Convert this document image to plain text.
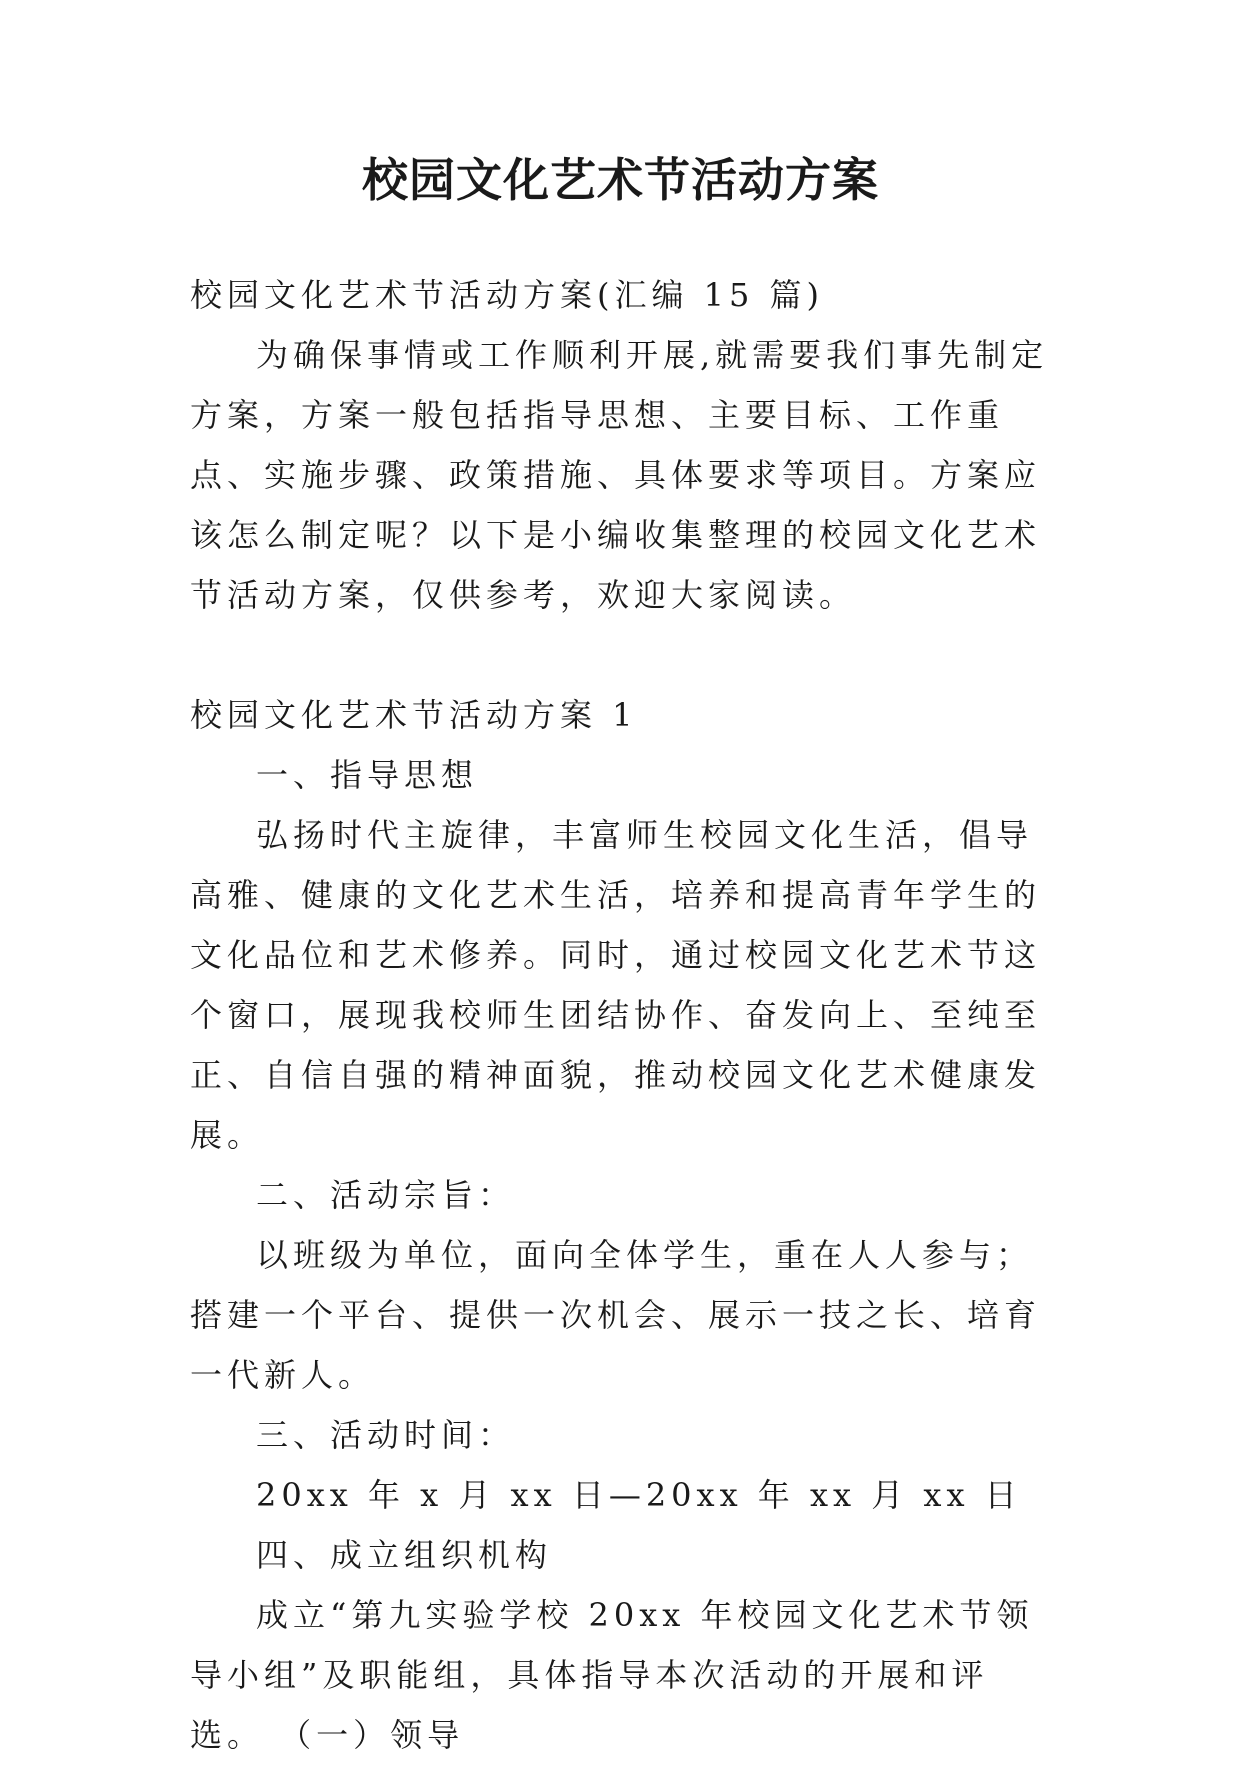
校园文化艺术节活动方案

校园文化艺术节活动方案(汇编 15 篇)

为确保事情或工作顺利开展,就需要我们事先制定方案，方案一般包括指导思想、主要目标、工作重点、实施步骤、政策措施、具体要求等项目。方案应该怎么制定呢？以下是小编收集整理的校园文化艺术节活动方案，仅供参考，欢迎大家阅读。

校园文化艺术节活动方案 1

一、指导思想

弘扬时代主旋律，丰富师生校园文化生活，倡导高雅、健康的文化艺术生活，培养和提高青年学生的文化品位和艺术修养。同时，通过校园文化艺术节这个窗口，展现我校师生团结协作、奋发向上、至纯至正、自信自强的精神面貌，推动校园文化艺术健康发展。

二、活动宗旨：

以班级为单位，面向全体学生，重在人人参与；搭建一个平台、提供一次机会、展示一技之长、培育一代新人。

三、活动时间：

20xx 年 x 月 xx 日—20xx 年 xx 月 xx 日

四、成立组织机构

成立“第九实验学校 20xx 年校园文化艺术节领导小组”及职能组，具体指导本次活动的开展和评选。 （一）领导
